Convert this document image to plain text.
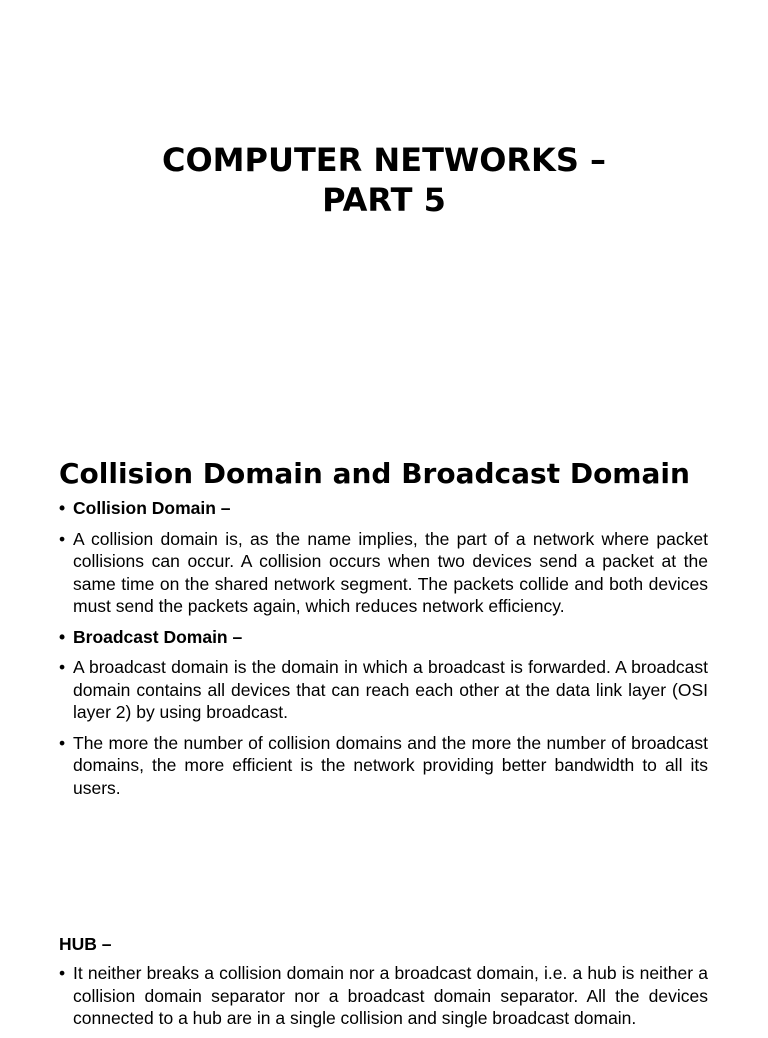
COMPUTER NETWORKS –
PART 5
Collision Domain and Broadcast Domain
• Collision Domain –
• A collision domain is, as the name implies, the part of a network where packet collisions can occur. A collision occurs when two devices send a packet at the same time on the shared network segment. The packets collide and both devices must send the packets again, which reduces network efficiency.
• Broadcast Domain –
• A broadcast domain is the domain in which a broadcast is forwarded. A broadcast domain contains all devices that can reach each other at the data link layer (OSI layer 2) by using broadcast.
• The more the number of collision domains and the more the number of broadcast domains, the more efficient is the network providing better bandwidth to all its users.

HUB –

• It neither breaks a collision domain nor a broadcast domain, i.e. a hub is neither a collision domain separator nor a broadcast domain separator. All the devices connected to a hub are in a single collision and single broadcast domain.
